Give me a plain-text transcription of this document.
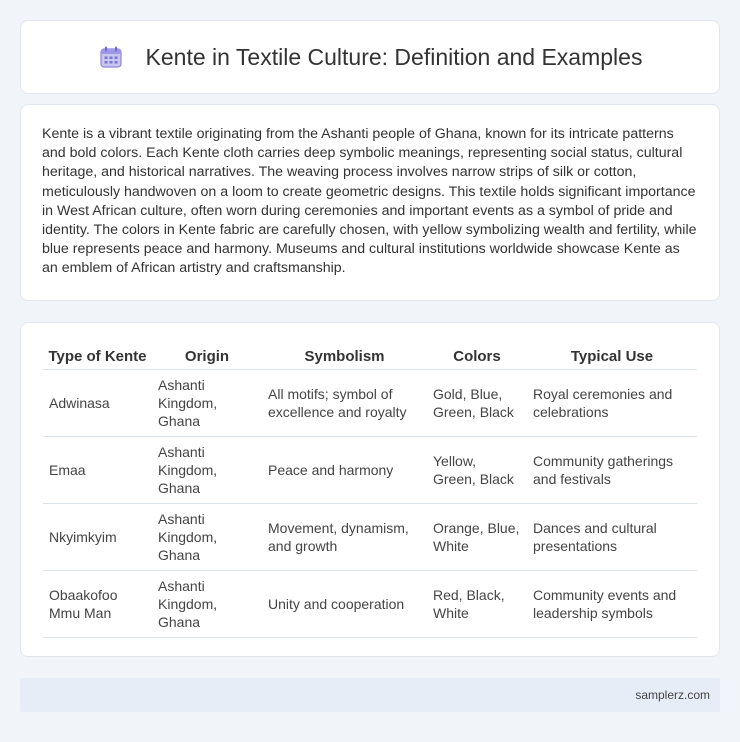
Kente in Textile Culture: Definition and Examples

Kente is a vibrant textile originating from the Ashanti people of Ghana, known for its intricate patterns and bold colors. Each Kente cloth carries deep symbolic meanings, representing social status, cultural heritage, and historical narratives. The weaving process involves narrow strips of silk or cotton, meticulously handwoven on a loom to create geometric designs. This textile holds significant importance in West African culture, often worn during ceremonies and important events as a symbol of pride and identity. The colors in Kente fabric are carefully chosen, with yellow symbolizing wealth and fertility, while blue represents peace and harmony. Museums and cultural institutions worldwide showcase Kente as an emblem of African artistry and craftsmanship.

Type of Kente	Origin	Symbolism	Colors	Typical Use
Adwinasa	Ashanti Kingdom, Ghana	All motifs; symbol of excellence and royalty	Gold, Blue, Green, Black	Royal ceremonies and celebrations
Emaa	Ashanti Kingdom, Ghana	Peace and harmony	Yellow, Green, Black	Community gatherings and festivals
Nkyimkyim	Ashanti Kingdom, Ghana	Movement, dynamism, and growth	Orange, Blue, White	Dances and cultural presentations
Obaakofoo Mmu Man	Ashanti Kingdom, Ghana	Unity and cooperation	Red, Black, White	Community events and leadership symbols
samplerz.com
